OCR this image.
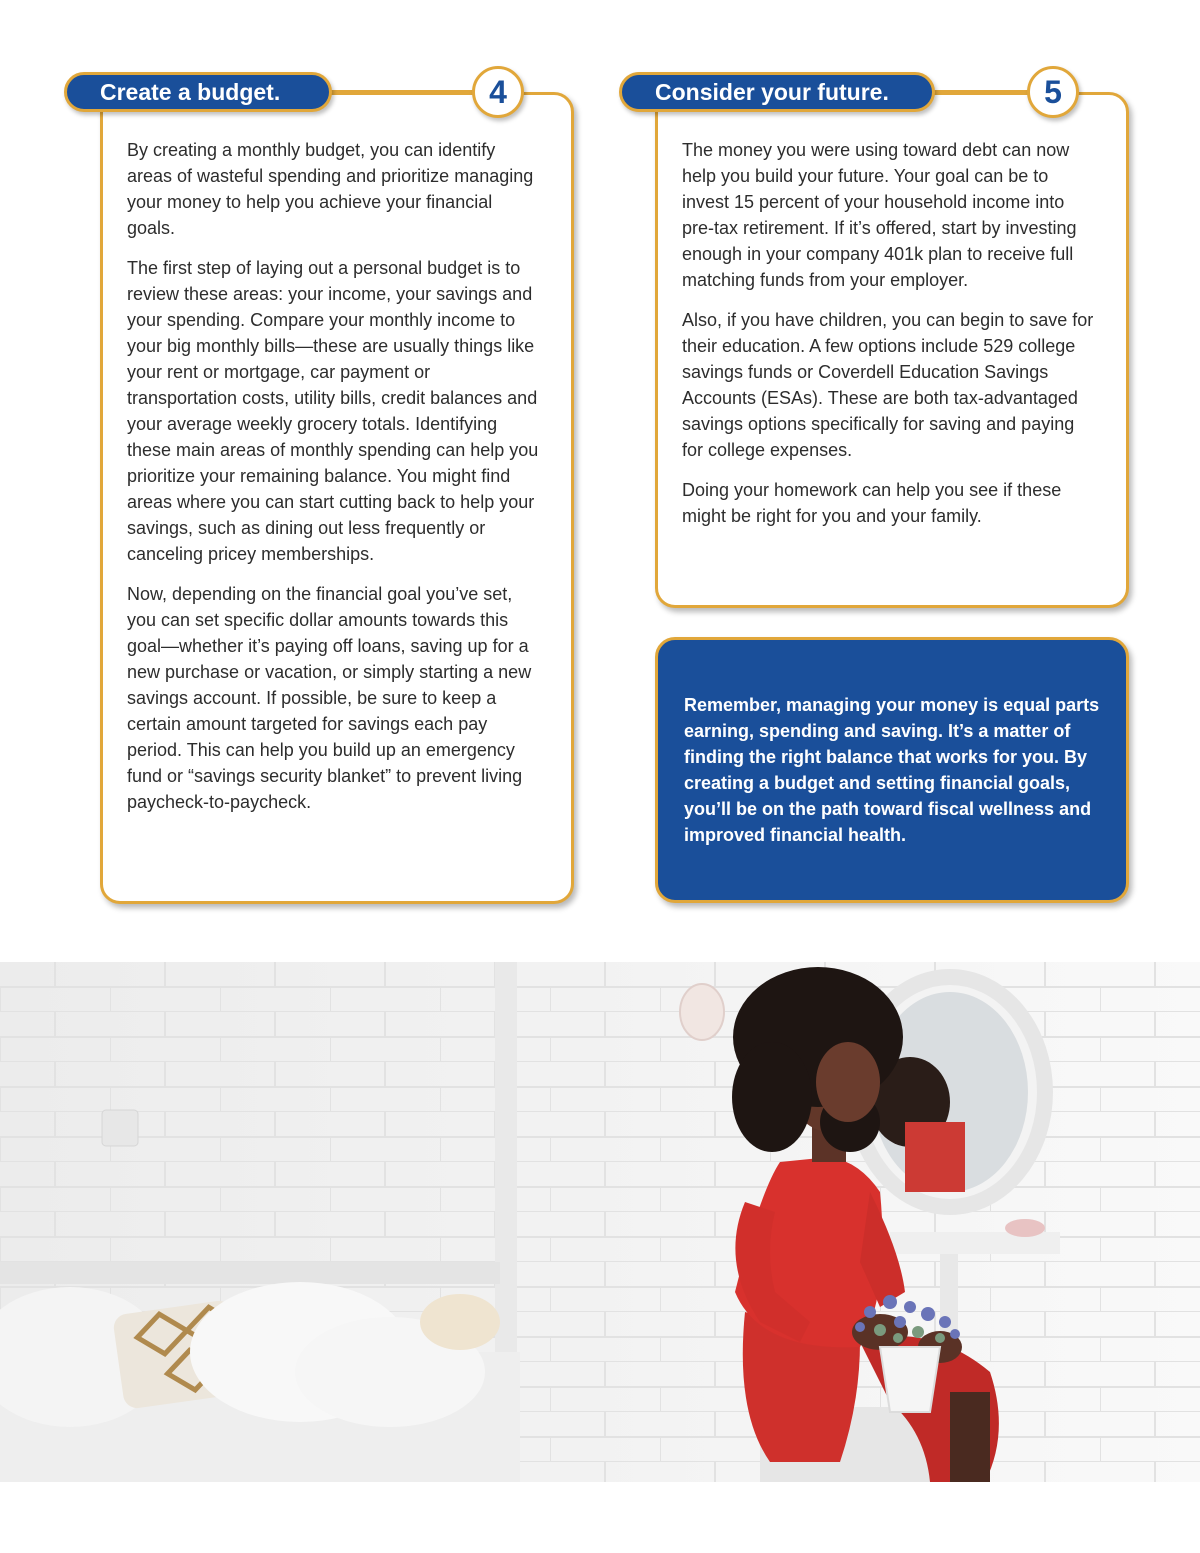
By creating a monthly budget, you can identify areas of wasteful spending and prioritize managing your money to help you achieve your financial goals.

The first step of laying out a personal budget is to review these areas: your income, your savings and your spending. Compare your monthly income to your big monthly bills—these are usually things like your rent or mortgage, car payment or transportation costs, utility bills, credit balances and your average weekly grocery totals. Identifying these main areas of monthly spending can help you prioritize your remaining balance. You might find areas where you can start cutting back to help your savings, such as dining out less frequently or canceling pricey memberships.

Now, depending on the financial goal you’ve set, you can set specific dollar amounts towards this goal—whether it’s paying off loans, saving up for a new purchase or vacation, or simply starting a new savings account. If possible, be sure to keep a certain amount targeted for savings each pay period. This can help you build up an emergency fund or “savings security blanket” to prevent living paycheck-to-paycheck.

Create a budget.	4

The money you were using toward debt can now help you build your future. Your goal can be to invest 15 percent of your household income into pre-tax retirement. If it’s offered, start by investing enough in your company 401k plan to receive full matching funds from your employer.

Also, if you have children, you can begin to save for their education. A few options include 529 college savings funds or Coverdell Education Savings Accounts (ESAs). These are both tax-advantaged savings options specifically for saving and paying for college expenses.

Doing your homework can help you see if these might be right for you and your family.

Consider your future.	5

Remember, managing your money is equal parts earning, spending and saving. It’s a matter of finding the right balance that works for you. By creating a budget and setting financial goals, you’ll be on the path toward fiscal wellness and improved financial health.
